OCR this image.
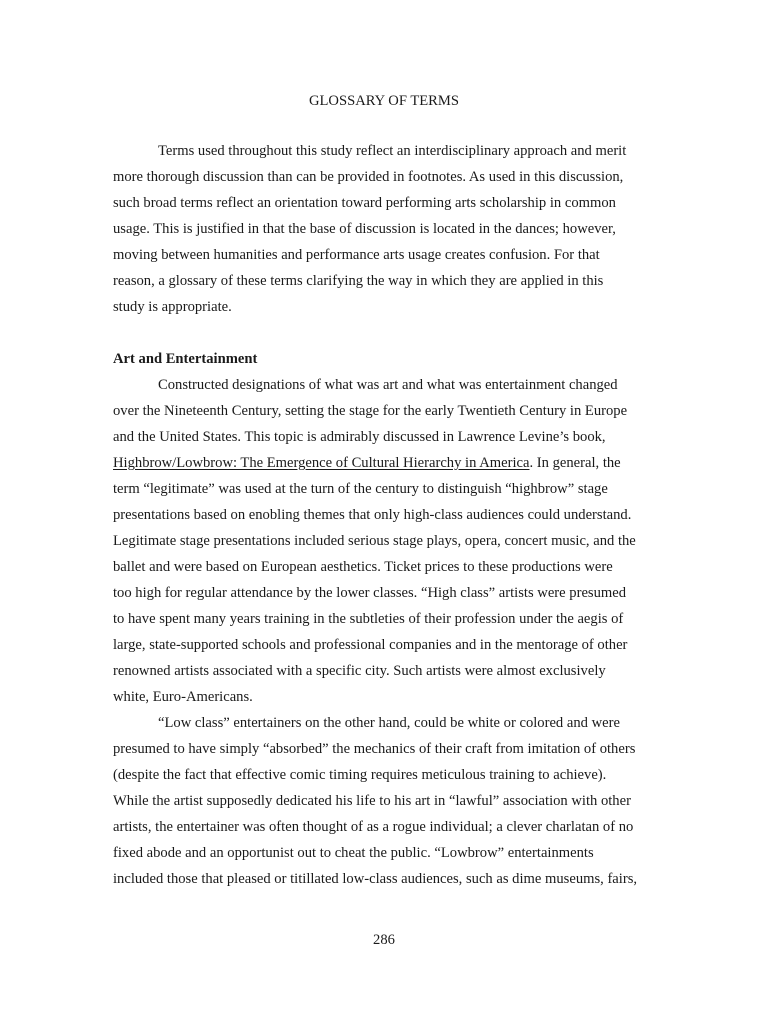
GLOSSARY OF TERMS
Terms used throughout this study reflect an interdisciplinary approach and merit
more thorough discussion than can be provided in footnotes. As used in this discussion,
such broad terms reflect an orientation toward performing arts scholarship in common
usage. This is justified in that the base of discussion is located in the dances; however,
moving between humanities and performance arts usage creates confusion. For that
reason, a glossary of these terms clarifying the way in which they are applied in this
study is appropriate.
Art and Entertainment
Constructed designations of what was art and what was entertainment changed
over the Nineteenth Century, setting the stage for the early Twentieth Century in Europe
and the United States. This topic is admirably discussed in Lawrence Levine’s book,
Highbrow/Lowbrow: The Emergence of Cultural Hierarchy in America. In general, the
term “legitimate” was used at the turn of the century to distinguish “highbrow” stage
presentations based on enobling themes that only high-class audiences could understand.
Legitimate stage presentations included serious stage plays, opera, concert music, and the
ballet and were based on European aesthetics. Ticket prices to these productions were
too high for regular attendance by the lower classes. “High class” artists were presumed
to have spent many years training in the subtleties of their profession under the aegis of
large, state-supported schools and professional companies and in the mentorage of other
renowned artists associated with a specific city. Such artists were almost exclusively
white, Euro-Americans.
“Low class” entertainers on the other hand, could be white or colored and were
presumed to have simply “absorbed” the mechanics of their craft from imitation of others
(despite the fact that effective comic timing requires meticulous training to achieve).
While the artist supposedly dedicated his life to his art in “lawful” association with other
artists, the entertainer was often thought of as a rogue individual; a clever charlatan of no
fixed abode and an opportunist out to cheat the public. “Lowbrow” entertainments
included those that pleased or titillated low-class audiences, such as dime museums, fairs,
286
